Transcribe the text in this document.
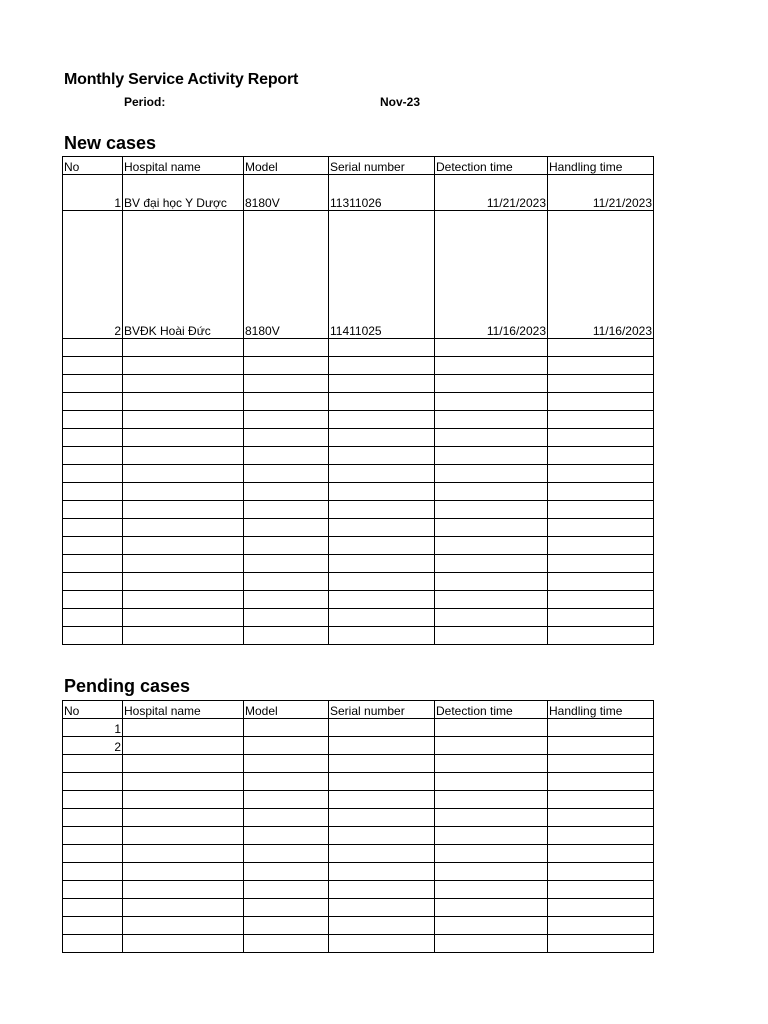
Monthly Service Activity Report
Period:	Nov-23
New cases
No	Hospital name	Model	Serial number	Detection time	Handling time
1	BV đại học Y Dược	8180V	11311026	11/21/2023	11/21/2023
2	BVĐK Hoài Đức	8180V	11411025	11/16/2023	11/16/2023

Pending cases
No	Hospital name	Model	Serial number	Detection time	Handling time
1					
2					
